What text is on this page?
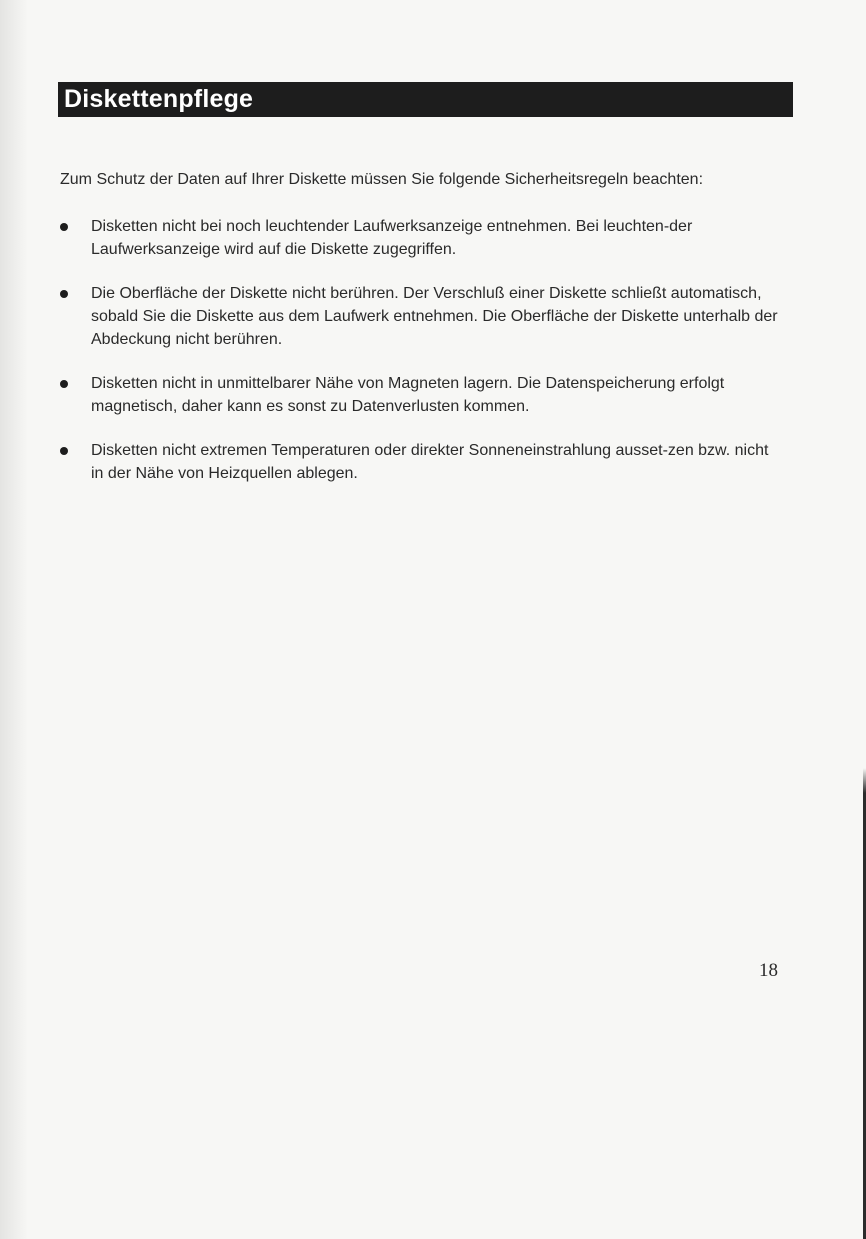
Diskettenpflege

Zum Schutz der Daten auf Ihrer Diskette müssen Sie folgende Sicherheitsregeln beachten:

Disketten nicht bei noch leuchtender Laufwerksanzeige entnehmen. Bei leuchten-der Laufwerksanzeige wird auf die Diskette zugegriffen.
Die Oberfläche der Diskette nicht berühren. Der Verschluß einer Diskette schließt automatisch, sobald Sie die Diskette aus dem Laufwerk entnehmen. Die Oberfläche der Diskette unterhalb der Abdeckung nicht berühren.
Disketten nicht in unmittelbarer Nähe von Magneten lagern. Die Datenspeicherung erfolgt magnetisch, daher kann es sonst zu Datenverlusten kommen.
Disketten nicht extremen Temperaturen oder direkter Sonneneinstrahlung ausset-zen bzw. nicht in der Nähe von Heizquellen ablegen.
18
